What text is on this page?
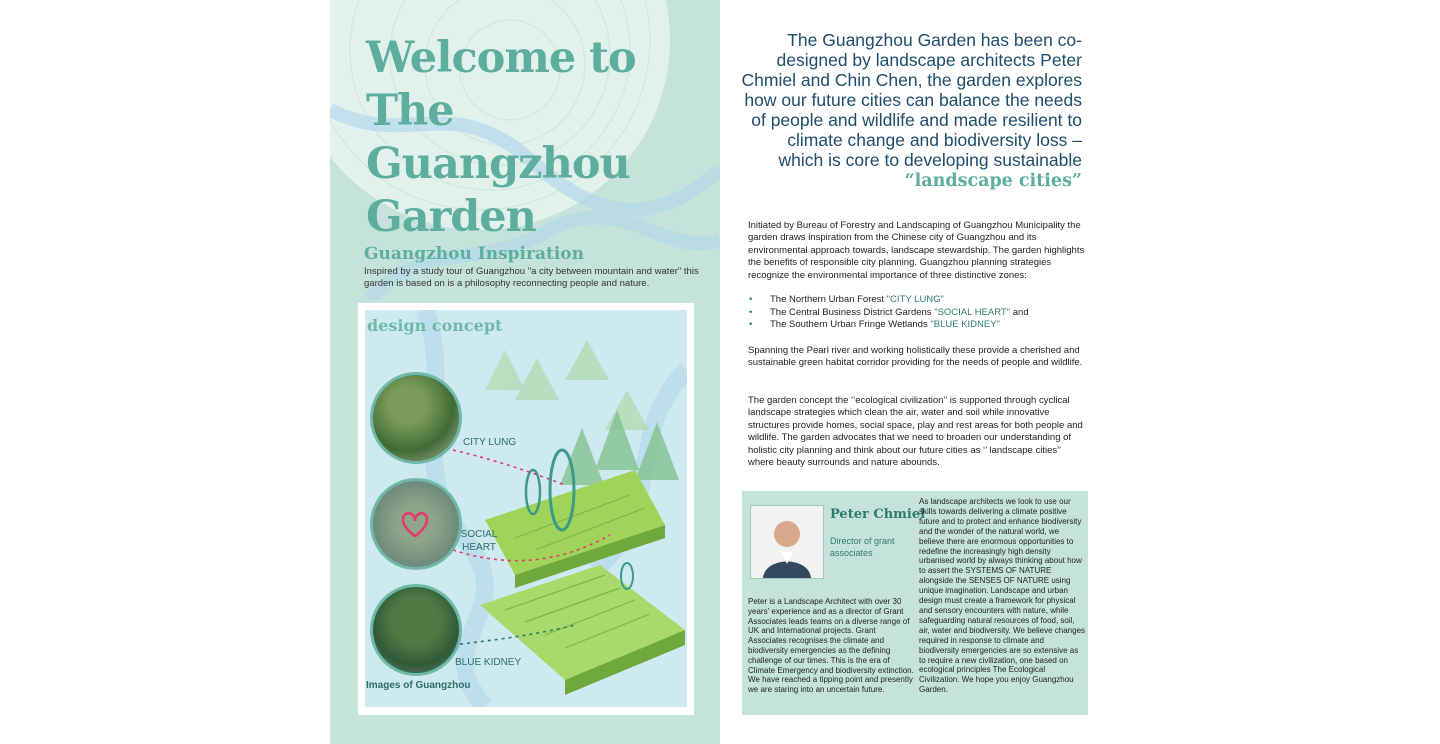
Welcome to
The Guangzhou
Garden
Guangzhou Inspiration
Inspired by a study tour of Guangzhou "a city between mountain and water" this garden is based on is a philosophy reconnecting people and nature.
design concept
CITY LUNG
SOCIAL HEART
BLUE KIDNEY
Images of Guangzhou

The Guangzhou Garden has been co-designed by landscape architects Peter Chmiel and Chin Chen, the garden explores how our future cities can balance the needs of people and wildlife and made resilient to climate change and biodiversity loss – which is core to developing sustainable “landscape cities”

Initiated by Bureau of Forestry and Landscaping of Guangzhou Municipality the garden draws inspiration from the Chinese city of Guangzhou and its environmental approach towards, landscape stewardship. The garden highlights the benefits of responsible city planning. Guangzhou planning strategies recognize the environmental importance of three distinctive zones:

• The Northern Urban Forest "CITY LUNG"
• The Central Business District Gardens "SOCIAL HEART" and
• The Southern Urban Fringe Wetlands "BLUE KIDNEY"

Spanning the Pearl river and working holistically these provide a cherished and sustainable green habitat corridor providing for the needs of people and wildlife.

The garden concept the ‘’ecological civilization’’ is supported through cyclical landscape strategies which clean the air, water and soil while innovative structures provide homes, social space, play and rest areas for both people and wildlife. The garden advocates that we need to broaden our understanding of holistic city planning and think about our future cities as ‘’ landscape cities’’ where beauty surrounds and nature abounds.

Peter Chmiel
Director of grant associates
Peter is a Landscape Architect with over 30 years' experience and as a director of Grant Associates leads teams on a diverse range of UK and International projects. Grant Associates recognises the climate and biodiversity emergencies as the defining challenge of our times. This is the era of Climate Emergency and biodiversity extinction. We have reached a tipping point and presently we are staring into an uncertain future.
As landscape architects we look to use our skills towards delivering a climate positive future and to protect and enhance biodiversity and the wonder of the natural world, we believe there are enormous opportunities to redefine the increasingly high density urbanised world by always thinking about how to assert the SYSTEMS OF NATURE alongside the SENSES OF NATURE using unique imagination. Landscape and urban design must create a framework for physical and sensory encounters with nature, while safeguarding natural resources of food, soil, air, water and biodiversity. We believe changes required in response to climate and biodiversity emergencies are so extensive as to require a new civilization, one based on ecological principles The Ecological Civilization. We hope you enjoy Guangzhou Garden.
